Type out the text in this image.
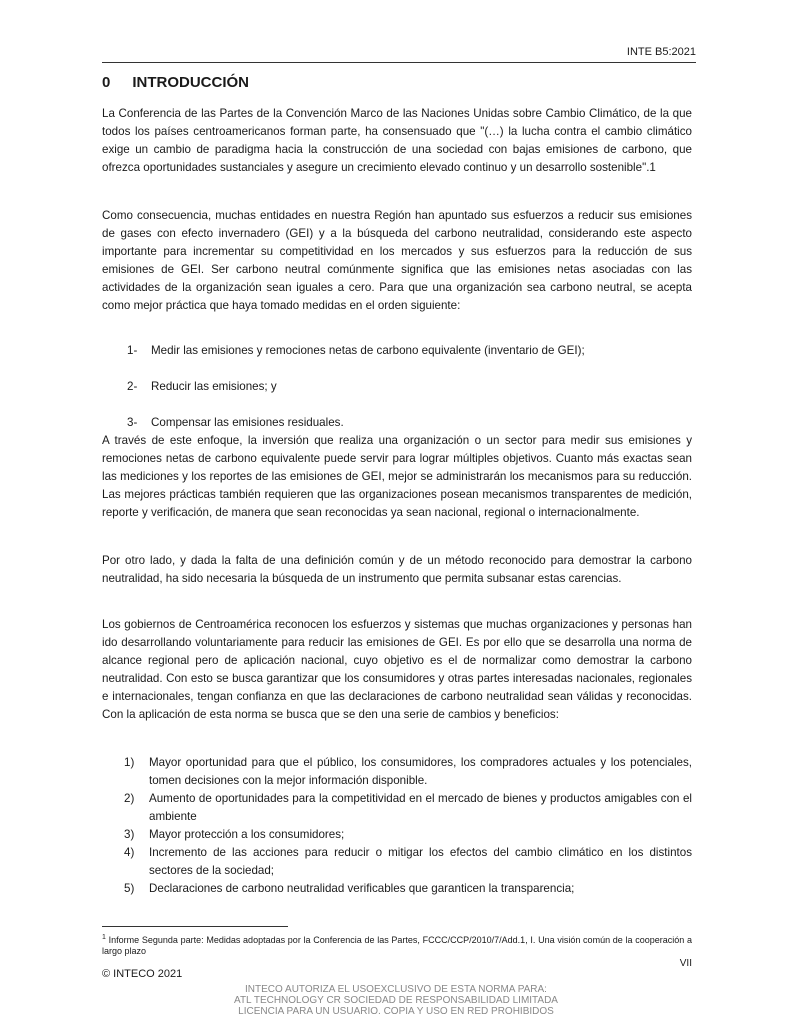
INTE B5:2021
0 INTRODUCCIÓN
La Conferencia de las Partes de la Convención Marco de las Naciones Unidas sobre Cambio Climático, de la que todos los países centroamericanos forman parte, ha consensuado que "(…) la lucha contra el cambio climático exige un cambio de paradigma hacia la construcción de una sociedad con bajas emisiones de carbono, que ofrezca oportunidades sustanciales y asegure un crecimiento elevado continuo y un desarrollo sostenible".1
Como consecuencia, muchas entidades en nuestra Región han apuntado sus esfuerzos a reducir sus emisiones de gases con efecto invernadero (GEI) y a la búsqueda del carbono neutralidad, considerando este aspecto importante para incrementar su competitividad en los mercados y sus esfuerzos para la reducción de sus emisiones de GEI. Ser carbono neutral comúnmente significa que las emisiones netas asociadas con las actividades de la organización sean iguales a cero. Para que una organización sea carbono neutral, se acepta como mejor práctica que haya tomado medidas en el orden siguiente:
1-	Medir las emisiones y remociones netas de carbono equivalente (inventario de GEI);
2-	Reducir las emisiones; y
3-	Compensar las emisiones residuales.
A través de este enfoque, la inversión que realiza una organización o un sector para medir sus emisiones y remociones netas de carbono equivalente puede servir para lograr múltiples objetivos. Cuanto más exactas sean las mediciones y los reportes de las emisiones de GEI, mejor se administrarán los mecanismos para su reducción. Las mejores prácticas también requieren que las organizaciones posean mecanismos transparentes de medición, reporte y verificación, de manera que sean reconocidas ya sean nacional, regional o internacionalmente.
Por otro lado, y dada la falta de una definición común y de un método reconocido para demostrar la carbono neutralidad, ha sido necesaria la búsqueda de un instrumento que permita subsanar estas carencias.
Los gobiernos de Centroamérica reconocen los esfuerzos y sistemas que muchas organizaciones y personas han ido desarrollando voluntariamente para reducir las emisiones de GEI. Es por ello que se desarrolla una norma de alcance regional pero de aplicación nacional, cuyo objetivo es el de normalizar como demostrar la carbono neutralidad. Con esto se busca garantizar que los consumidores y otras partes interesadas nacionales, regionales e internacionales, tengan confianza en que las declaraciones de carbono neutralidad sean válidas y reconocidas. Con la aplicación de esta norma se busca que se den una serie de cambios y beneficios:
1)	Mayor oportunidad para que el público, los consumidores, los compradores actuales y los potenciales, tomen decisiones con la mejor información disponible.
2)	Aumento de oportunidades para la competitividad en el mercado de bienes y productos amigables con el ambiente
3)	Mayor protección a los consumidores;
4)	Incremento de las acciones para reducir o mitigar los efectos del cambio climático en los distintos sectores de la sociedad;
5)	Declaraciones de carbono neutralidad verificables que garanticen la transparencia;
$^1$ Informe Segunda parte: Medidas adoptadas por la Conferencia de las Partes, FCCC/CCP/2010/7/Add.1, I. Una visión común de la cooperación a largo plazo
VII
© INTECO 2021
INTECO AUTORIZA EL USOEXCLUSIVO DE ESTA NORMA PARA:
ATL TECHNOLOGY CR SOCIEDAD DE RESPONSABILIDAD LIMITADA
LICENCIA PARA UN USUARIO. COPIA Y USO EN RED PROHIBIDOS
